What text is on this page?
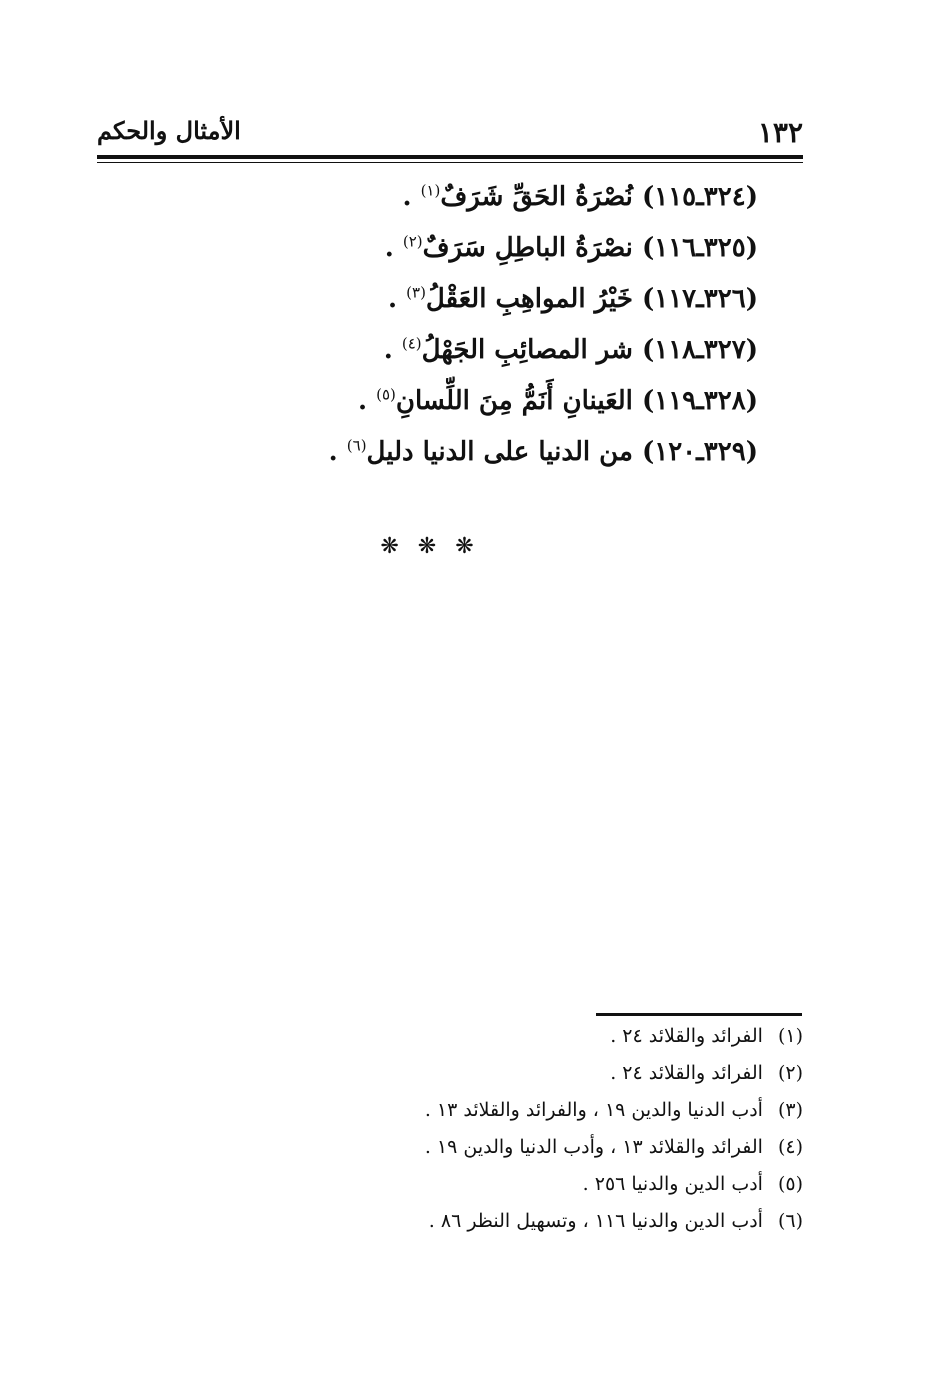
١٣٢
الأمثال والحكم
(٣٢٤ـ١١٥) نُصْرَةُ الحَقِّ شَرَفٌ$^{(١)}$ .
(٣٢٥ـ١١٦) نصْرَةُ الباطِلِ سَرَفٌ$^{(٢)}$ .
(٣٢٦ـ١١٧) خَيْرُ المواهِبِ العَقْلُ$^{(٣)}$ .
(٣٢٧ـ١١٨) شر المصائِبِ الجَهْلُ$^{(٤)}$ .
(٣٢٨ـ١١٩) العَينانِ أَنَمُّ مِنَ اللِّسانِ$^{(٥)}$ .
(٣٢٩ـ١٢٠) من الدنيا على الدنيا دليل$^{(٦)}$ .
❋ ❋ ❋
(١) الفرائد والقلائد ٢٤ .
(٢) الفرائد والقلائد ٢٤ .
(٣) أدب الدنيا والدين ١٩ ، والفرائد والقلائد ١٣ .
(٤) الفرائد والقلائد ١٣ ، وأدب الدنيا والدين ١٩ .
(٥) أدب الدين والدنيا ٢٥٦ .
(٦) أدب الدين والدنيا ١١٦ ، وتسهيل النظر ٨٦ .
